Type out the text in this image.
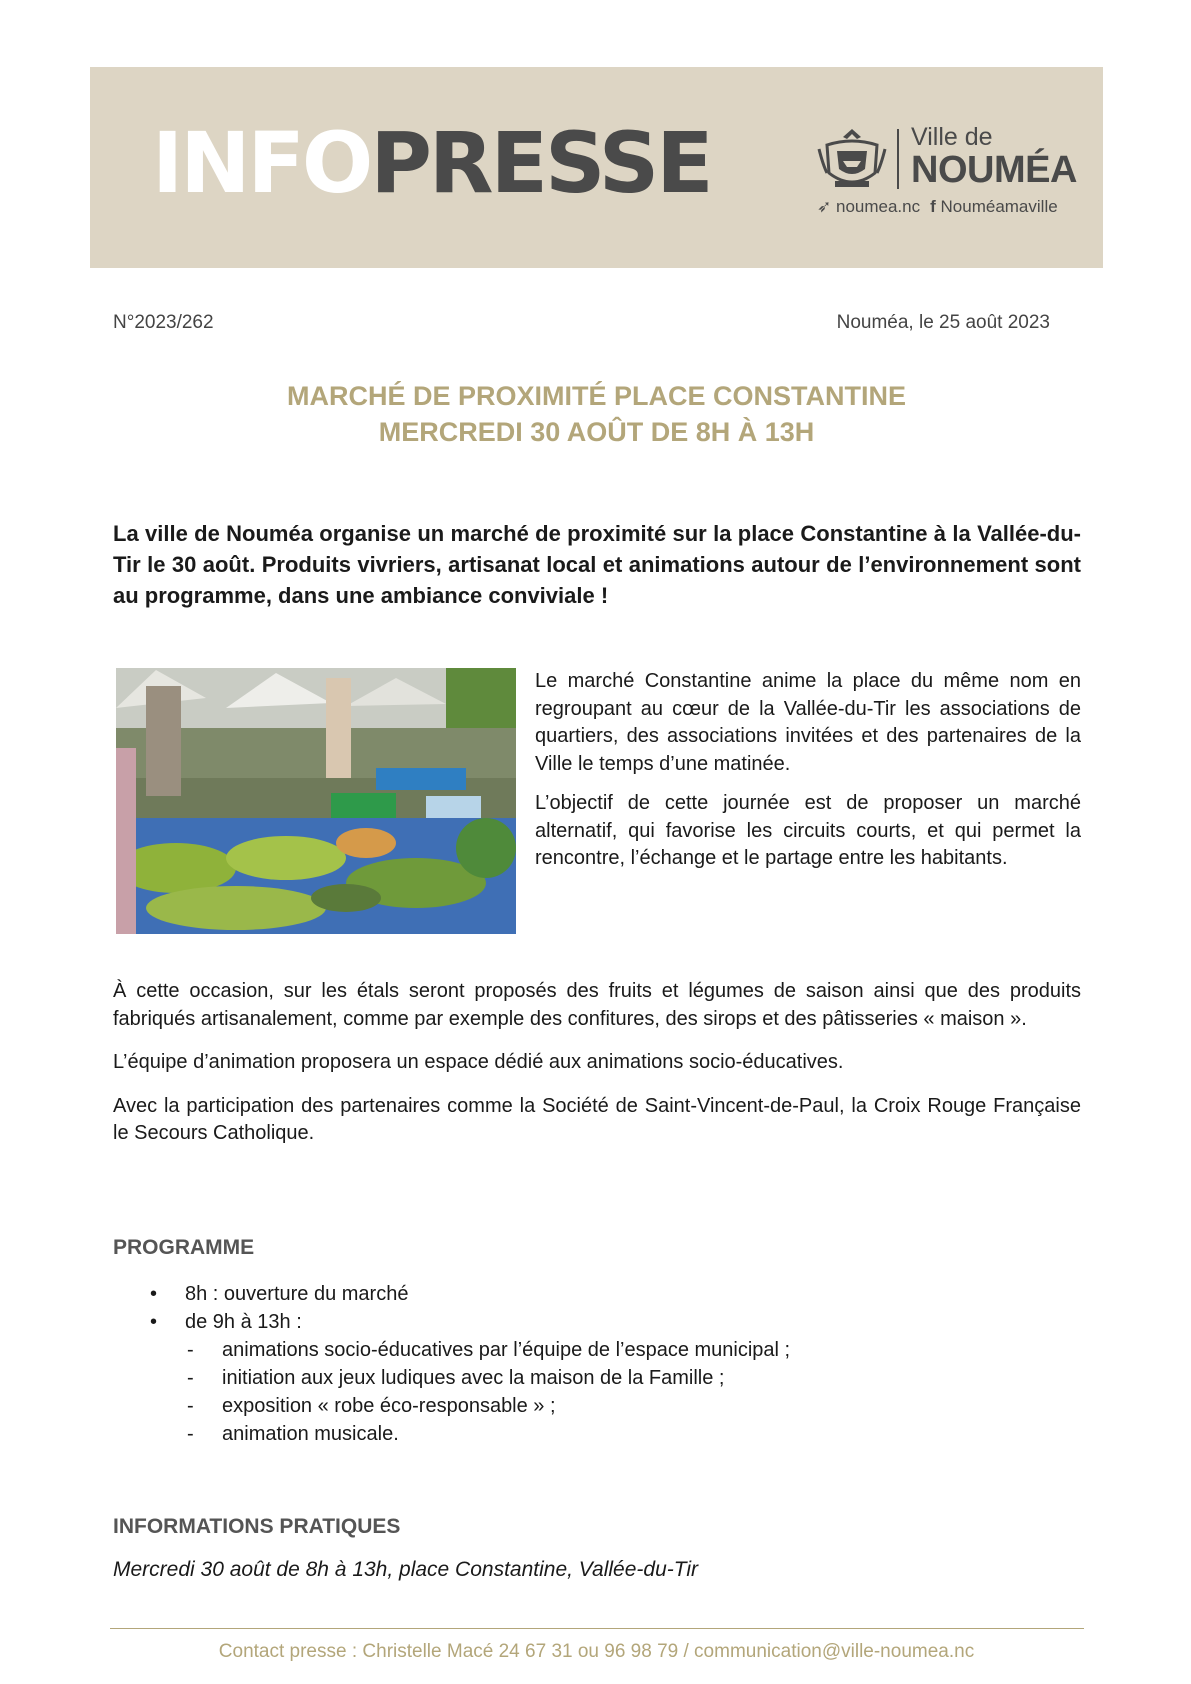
INFO PRESSE	Ville de
NOUMÉA
➶ noumea.nc f Nouméamaville
N°2023/262	Nouméa, le 25 août 2023
MARCHÉ DE PROXIMITÉ PLACE CONSTANTINE
MERCREDI 30 AOÛT DE 8H À 13H
La ville de Nouméa organise un marché de proximité sur la place Constantine à la Vallée-du-Tir le 30 août. Produits vivriers, artisanat local et animations autour de l’environnement sont au programme, dans une ambiance conviviale !

Le marché Constantine anime la place du même nom en regroupant au cœur de la Vallée-du-Tir les associations de quartiers, des associations invitées et des partenaires de la Ville le temps d’une matinée.

L’objectif de cette journée est de proposer un marché alternatif, qui favorise les circuits courts, et qui permet la rencontre, l’échange et le partage entre les habitants.

À cette occasion, sur les étals seront proposés des fruits et légumes de saison ainsi que des produits fabriqués artisanalement, comme par exemple des confitures, des sirops et des pâtisseries « maison ».

L’équipe d’animation proposera un espace dédié aux animations socio-éducatives.

Avec la participation des partenaires comme la Société de Saint-Vincent-de-Paul, la Croix Rouge Française le Secours Catholique.

PROGRAMME
• 8h : ouverture du marché
• de 9h à 13h :
- animations socio-éducatives par l’équipe de l’espace municipal ;
- initiation aux jeux ludiques avec la maison de la Famille ;
- exposition « robe éco-responsable » ;
- animation musicale.
INFORMATIONS PRATIQUES
Mercredi 30 août de 8h à 13h, place Constantine, Vallée-du-Tir
Contact presse : Christelle Macé 24 67 31 ou 96 98 79 / communication@ville-noumea.nc
